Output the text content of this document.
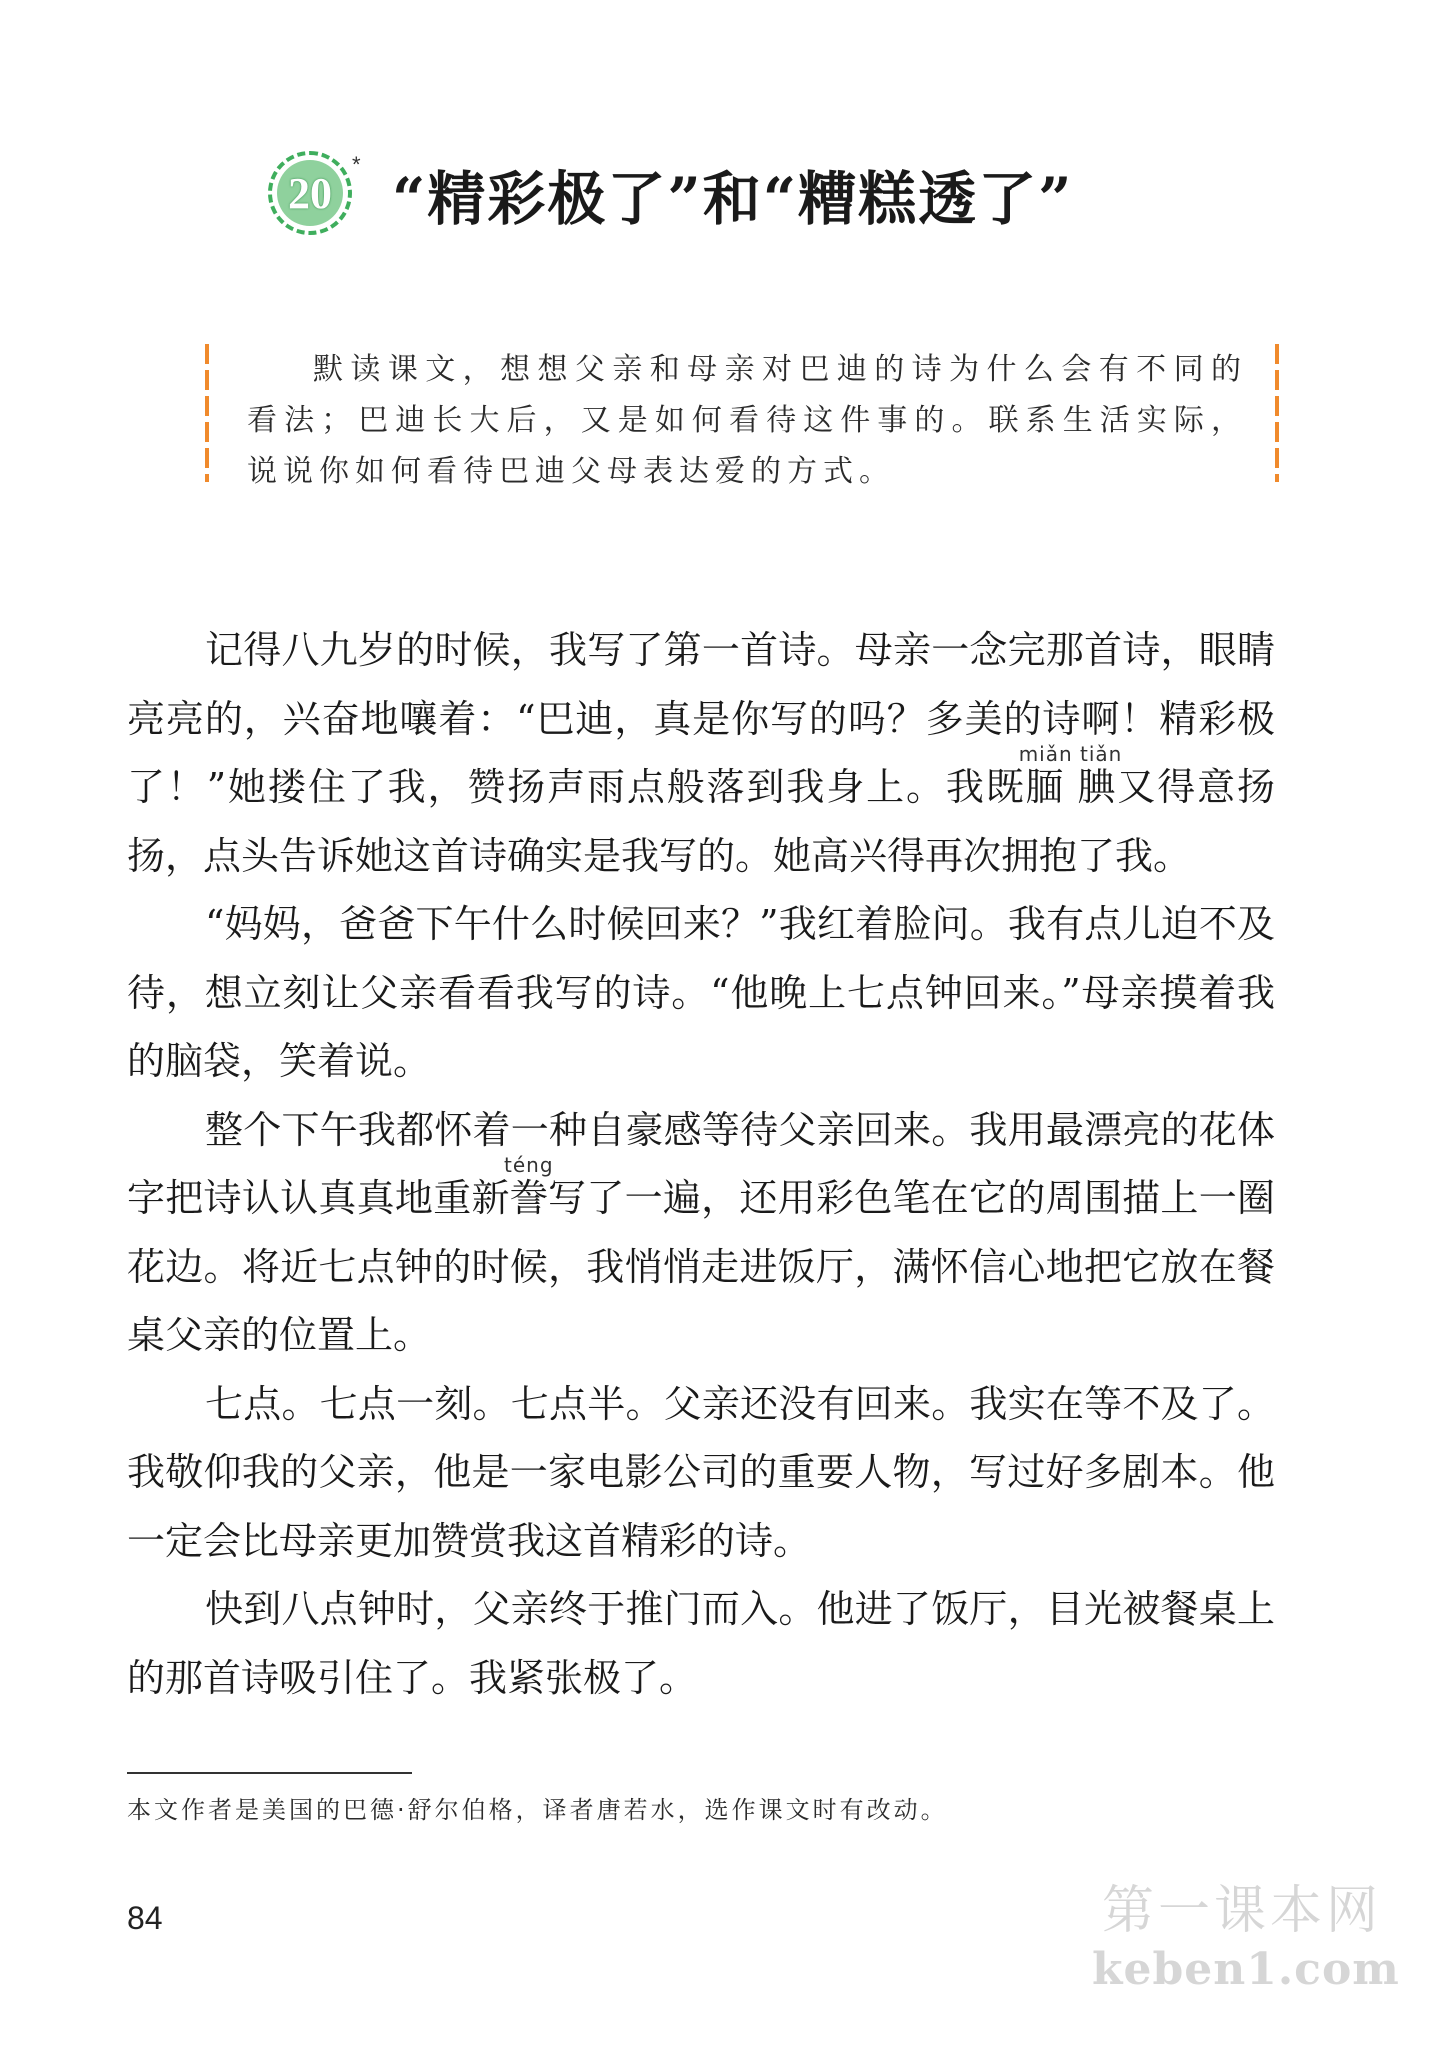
20
*
“精彩极了”和“糟糕透了”
默读课文，想想父亲和母亲对巴迪的诗为什么会有不同的看法；巴迪长大后，又是如何看待这件事的。联系生活实际，说说你如何看待巴迪父母表达爱的方式。

记得八九岁的时候，我写了第一首诗。母亲一念完那首诗，眼睛亮亮的，兴奋地嚷着：“巴迪，真是你写的吗？多美的诗啊！精彩极了！”她搂住了我，赞扬声雨点般落到我身上。我既腼腆miǎn tiǎn又得意扬扬，点头告诉她这首诗确实是我写的。她高兴得再次拥抱了我。

“妈妈，爸爸下午什么时候回来？”我红着脸问。我有点儿迫不及待，想立刻让父亲看看我写的诗。“他晚上七点钟回来。”母亲摸着我的脑袋，笑着说。

整个下午我都怀着一种自豪感等待父亲回来。我用最漂亮的花体字把诗认认真真地重新誊téng写了一遍，还用彩色笔在它的周围描上一圈花边。将近七点钟的时候，我悄悄走进饭厅，满怀信心地把它放在餐桌父亲的位置上。

七点。七点一刻。七点半。父亲还没有回来。我实在等不及了。我敬仰我的父亲，他是一家电影公司的重要人物，写过好多剧本。他一定会比母亲更加赞赏我这首精彩的诗。

快到八点钟时，父亲终于推门而入。他进了饭厅，目光被餐桌上的那首诗吸引住了。我紧张极了。

本文作者是美国的巴德·舒尔伯格，译者唐若水，选作课文时有改动。
84	第一课本网
keben1.com
